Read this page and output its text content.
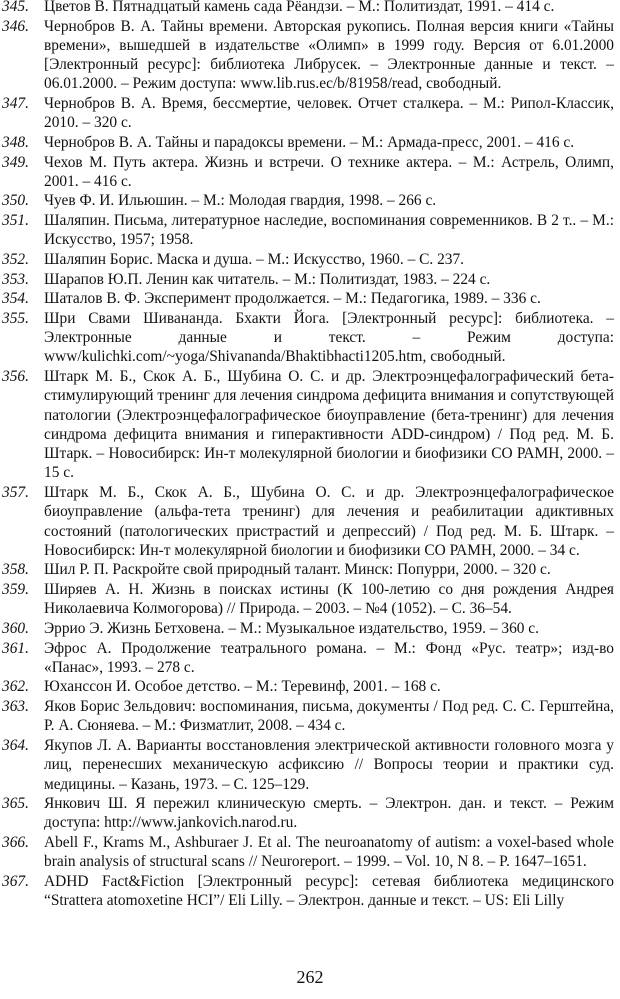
345. Цветов В. Пятнадцатый камень сада Рёандзи. – М.: Политиздат, 1991. – 414 с.
346. Чернобров В. А. Тайны времени. Авторская рукопись. Полная версия книги «Тайны времени», вышедшей в издательстве «Олимп» в 1999 году. Версия от 6.01.2000 [Электронный ресурс]: библиотека Либрусек. – Электронные данные и текст. – 06.01.2000. – Режим доступа: www.lib.rus.ec/b/81958/read, свободный.
347. Чернобров В. А. Время, бессмертие, человек. Отчет сталкера. – М.: Рипол-Классик, 2010. – 320 с.
348. Чернобров В. А. Тайны и парадоксы времени. – М.: Армада-пресс, 2001. – 416 с.
349. Чехов М. Путь актера. Жизнь и встречи. О технике актера. – М.: Астрель, Олимп, 2001. – 416 с.
350. Чуев Ф. И. Ильюшин. – М.: Молодая гвардия, 1998. – 266 с.
351. Шаляпин. Письма, литературное наследие, воспоминания современников. В 2 т.. – М.: Искусство, 1957; 1958.
352. Шаляпин Борис. Маска и душа. – М.: Искусство, 1960. – С. 237.
353. Шарапов Ю.П. Ленин как читатель. – М.: Политиздат, 1983. – 224 с.
354. Шаталов В. Ф. Эксперимент продолжается. – М.: Педагогика, 1989. – 336 с.
355. Шри Свами Шивананда. Бхакти Йога. [Электронный ресурс]: библиотека. – Электронные данные и текст. – Режим доступа: www/kulichki.com/~yoga/Shivananda/Bhaktibhacti1205.htm, свободный.
356. Штарк М. Б., Скок А. Б., Шубина О. С. и др. Электроэнцефалографический бета-стимулирующий тренинг для лечения синдрома дефицита внимания и сопутствующей патологии (Электроэнцефалографическое биоуправление (бета-тренинг) для лечения синдрома дефицита внимания и гиперактивности ADD-синдром) / Под ред. М. Б. Штарк. – Новосибирск: Ин-т молекулярной биологии и биофизики СО РАМН, 2000. – 15 с.
357. Штарк М. Б., Скок А. Б., Шубина О. С. и др. Электроэнцефалографическое биоуправление (альфа-тета тренинг) для лечения и реабилитации адиктивных состояний (патологических пристрастий и депрессий) / Под ред. М. Б. Штарк. – Новосибирск: Ин-т молекулярной биологии и биофизики СО РАМН, 2000. – 34 с.
358. Шил Р. П. Раскройте свой природный талант. Минск: Попурри, 2000. – 320 с.
359. Ширяев А. Н. Жизнь в поисках истины (К 100-летию со дня рождения Андрея Николаевича Колмогорова) // Природа. – 2003. – №4 (1052). – С. 36–54.
360. Эррио Э. Жизнь Бетховена. – М.: Музыкальное издательство, 1959. – 360 с.
361. Эфрос А. Продолжение театрального романа. – М.: Фонд «Рус. театр»; изд-во «Панас», 1993. – 278 с.
362. Юханссон И. Особое детство. – М.: Теревинф, 2001. – 168 с.
363. Яков Борис Зельдович: воспоминания, письма, документы / Под ред. С. С. Герштейна, Р. А. Сюняева. – М.: Физматлит, 2008. – 434 с.
364. Якупов Л. А. Варианты восстановления электрической активности головного мозга у лиц, перенесших механическую асфиксию // Вопросы теории и практики суд. медицины. – Казань, 1973. – С. 125–129.
365. Янкович Ш. Я пережил клиническую смерть. – Электрон. дан. и текст. – Режим доступа: http://www.jankovich.narod.ru.
366. Abell F., Krams M., Ashburaer J. Et al. The neuroanatomy of autism: a voxel-based whole brain analysis of structural scans // Neuroreport. – 1999. – Vol. 10, N 8. – P. 1647–1651.
367. ADHD Fact&Fiction [Электронный ресурс]: сетевая библиотека медицинского “Strattera atomoxetine HCI”/ Eli Lilly. – Электрон. данные и текст. – US: Eli Lilly
262
